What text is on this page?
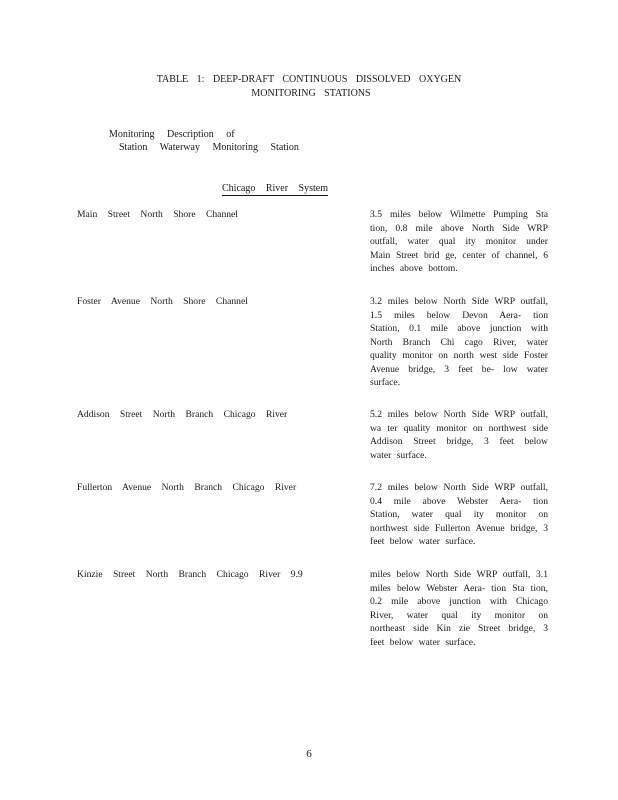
TABLE 1: DEEP-DRAFT CONTINUOUS DISSOLVED OXYGEN
MONITORING STATIONS
Monitoring Description of
Station Waterway Monitoring Station
Chicago River System
Main Street North Shore Channel	3.5 miles below Wilmette Pumping Sta tion, 0.8 mile above North Side WRP outfall, water qual ity monitor under Main Street brid ge, center of channel, 6 inches above bottom.
Foster Avenue North Shore Channel	3.2 miles below North Side WRP outfall, 1.5 miles below Devon Aera- tion Station, 0.1 mile above junction with North Branch Chi cago River, water quality monitor on north west side Foster Avenue bridge, 3 feet be- low water surface.
Addison Street North Branch Chicago River	5.2 miles below North Side WRP outfall, wa ter quality monitor on northwest side Addison Street bridge, 3 feet below water surface.
Fullerton Avenue North Branch Chicago River	7.2 miles below North Side WRP outfall, 0.4 mile above Webster Aera- tion Station, water qual ity monitor on northwest side Fullerton Avenue bridge, 3 feet below water surface.
Kinzie Street North Branch Chicago River 9.9	miles below North Side WRP outfall, 3.1 miles below Webster Aera- tion Sta tion, 0.2 mile above junction with Chicago River, water qual ity monitor on northeast side Kin zie Street bridge, 3 feet below water surface.
6
